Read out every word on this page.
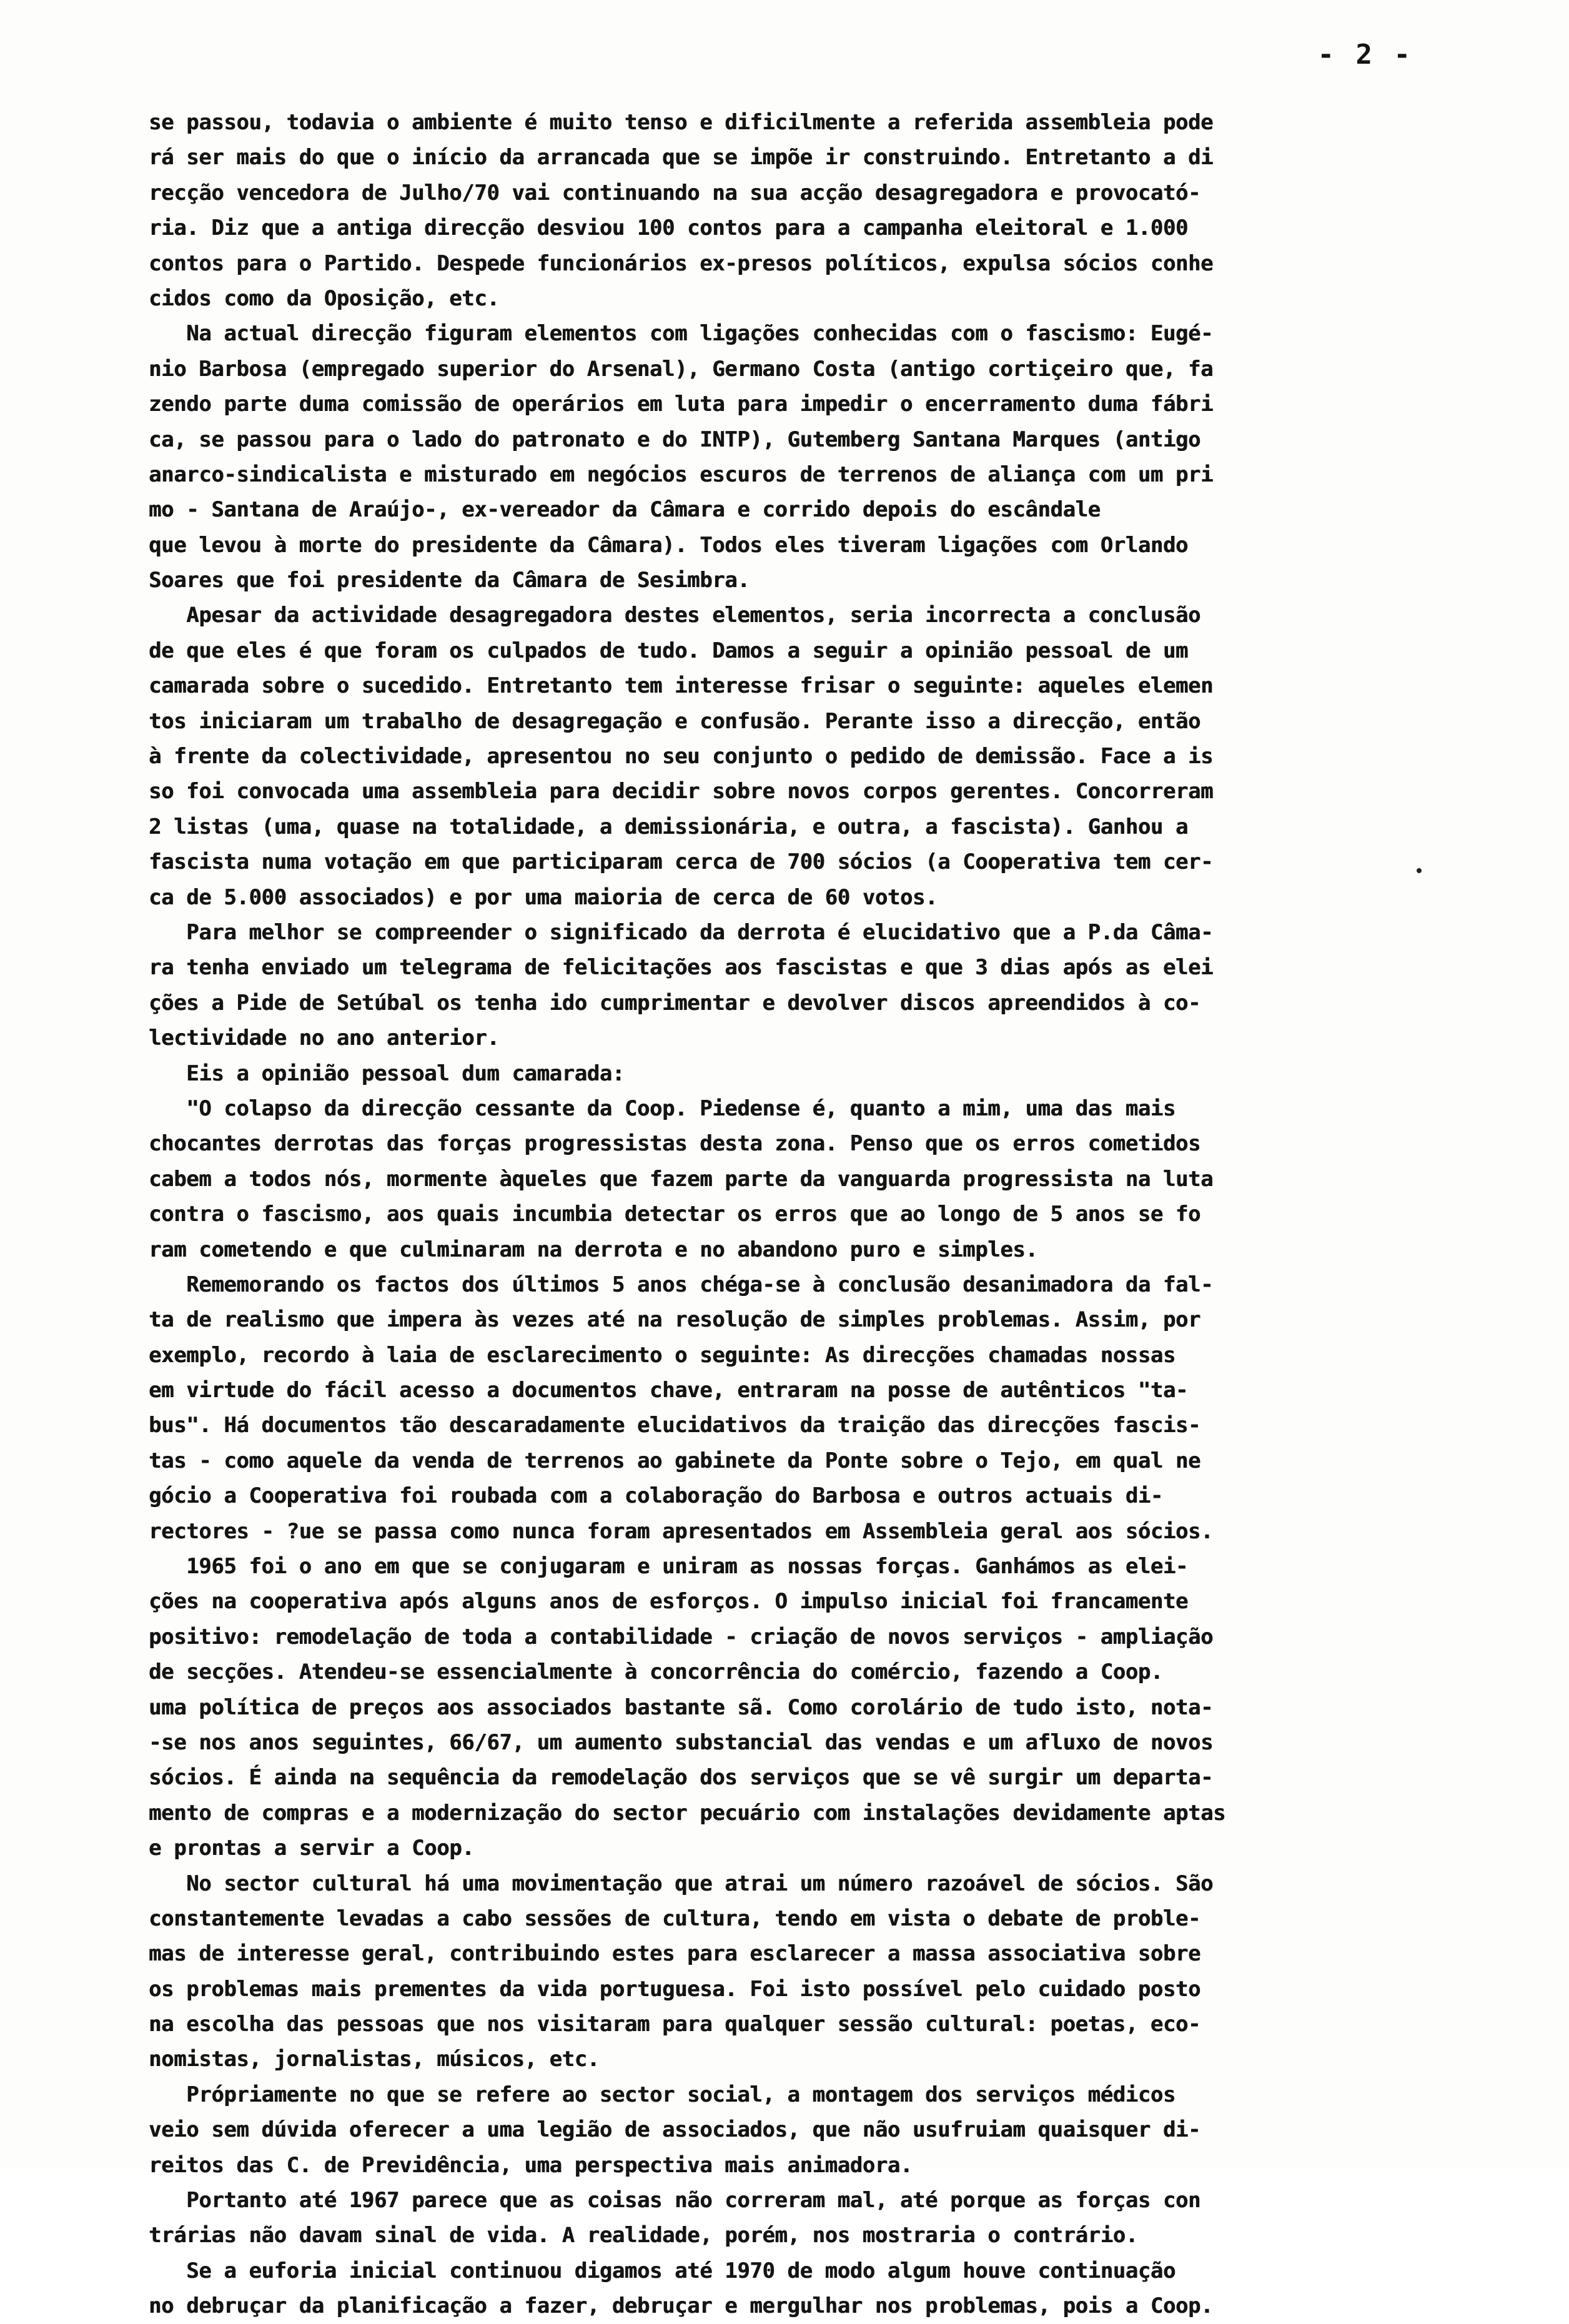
- 2 -
se passou, todavia o ambiente é muito tenso e dificilmente a referida assembleia pode
rá ser mais do que o início da arrancada que se impõe ir construindo. Entretanto a di
recção vencedora de Julho/70 vai continuando na sua acção desagregadora e provocató-
ria. Diz que a antiga direcção desviou 100 contos para a campanha eleitoral e 1.000
contos para o Partido. Despede funcionários ex-presos políticos, expulsa sócios conhe
cidos como da Oposição, etc.
Na actual direcção figuram elementos com ligações conhecidas com o fascismo: Eugé-
nio Barbosa (empregado superior do Arsenal), Germano Costa (antigo cortiçeiro que, fa
zendo parte duma comissão de operários em luta para impedir o encerramento duma fábri
ca, se passou para o lado do patronato e do INTP), Gutemberg Santana Marques (antigo
anarco-sindicalista e misturado em negócios escuros de terrenos de aliança com um pri
mo - Santana de Araújo-, ex-vereador da Câmara e corrido depois do escândale
que levou à morte do presidente da Câmara). Todos eles tiveram ligações com Orlando
Soares que foi presidente da Câmara de Sesimbra.
Apesar da actividade desagregadora destes elementos, seria incorrecta a conclusão
de que eles é que foram os culpados de tudo. Damos a seguir a opinião pessoal de um
camarada sobre o sucedido. Entretanto tem interesse frisar o seguinte: aqueles elemen
tos iniciaram um trabalho de desagregação e confusão. Perante isso a direcção, então
à frente da colectividade, apresentou no seu conjunto o pedido de demissão. Face a is
so foi convocada uma assembleia para decidir sobre novos corpos gerentes. Concorreram
2 listas (uma, quase na totalidade, a demissionária, e outra, a fascista). Ganhou a
fascista numa votação em que participaram cerca de 700 sócios (a Cooperativa tem cer-
ca de 5.000 associados) e por uma maioria de cerca de 60 votos.
Para melhor se compreender o significado da derrota é elucidativo que a P.da Câma-
ra tenha enviado um telegrama de felicitações aos fascistas e que 3 dias após as elei
ções a Pide de Setúbal os tenha ido cumprimentar e devolver discos apreendidos à co-
lectividade no ano anterior.
Eis a opinião pessoal dum camarada:
"O colapso da direcção cessante da Coop. Piedense é, quanto a mim, uma das mais
chocantes derrotas das forças progressistas desta zona. Penso que os erros cometidos
cabem a todos nós, mormente àqueles que fazem parte da vanguarda progressista na luta
contra o fascismo, aos quais incumbia detectar os erros que ao longo de 5 anos se fo
ram cometendo e que culminaram na derrota e no abandono puro e simples.
Rememorando os factos dos últimos 5 anos chéga-se à conclusão desanimadora da fal-
ta de realismo que impera às vezes até na resolução de simples problemas. Assim, por
exemplo, recordo à laia de esclarecimento o seguinte: As direcções chamadas nossas
em virtude do fácil acesso a documentos chave, entraram na posse de autênticos "ta-
bus". Há documentos tão descaradamente elucidativos da traição das direcções fascis-
tas - como aquele da venda de terrenos ao gabinete da Ponte sobre o Tejo, em qual ne
gócio a Cooperativa foi roubada com a colaboração do Barbosa e outros actuais di-
rectores - ?ue se passa como nunca foram apresentados em Assembleia geral aos sócios.
1965 foi o ano em que se conjugaram e uniram as nossas forças. Ganhámos as elei-
ções na cooperativa após alguns anos de esforços. O impulso inicial foi francamente
positivo: remodelação de toda a contabilidade - criação de novos serviços - ampliação
de secções. Atendeu-se essencialmente à concorrência do comércio, fazendo a Coop.
uma política de preços aos associados bastante sã. Como corolário de tudo isto, nota-
-se nos anos seguintes, 66/67, um aumento substancial das vendas e um afluxo de novos
sócios. É ainda na sequência da remodelação dos serviços que se vê surgir um departa-
mento de compras e a modernização do sector pecuário com instalações devidamente aptas
e prontas a servir a Coop.
No sector cultural há uma movimentação que atrai um número razoável de sócios. São
constantemente levadas a cabo sessões de cultura, tendo em vista o debate de proble-
mas de interesse geral, contribuindo estes para esclarecer a massa associativa sobre
os problemas mais prementes da vida portuguesa. Foi isto possível pelo cuidado posto
na escolha das pessoas que nos visitaram para qualquer sessão cultural: poetas, eco-
nomistas, jornalistas, músicos, etc.
Própriamente no que se refere ao sector social, a montagem dos serviços médicos
veio sem dúvida oferecer a uma legião de associados, que não usufruiam quaisquer di-
reitos das C. de Previdência, uma perspectiva mais animadora.
Portanto até 1967 parece que as coisas não correram mal, até porque as forças con
trárias não davam sinal de vida. A realidade, porém, nos mostraria o contrário.
Se a euforia inicial continuou digamos até 1970 de modo algum houve continuação
no debruçar da planificação a fazer, debruçar e mergulhar nos problemas, pois a Coop.
